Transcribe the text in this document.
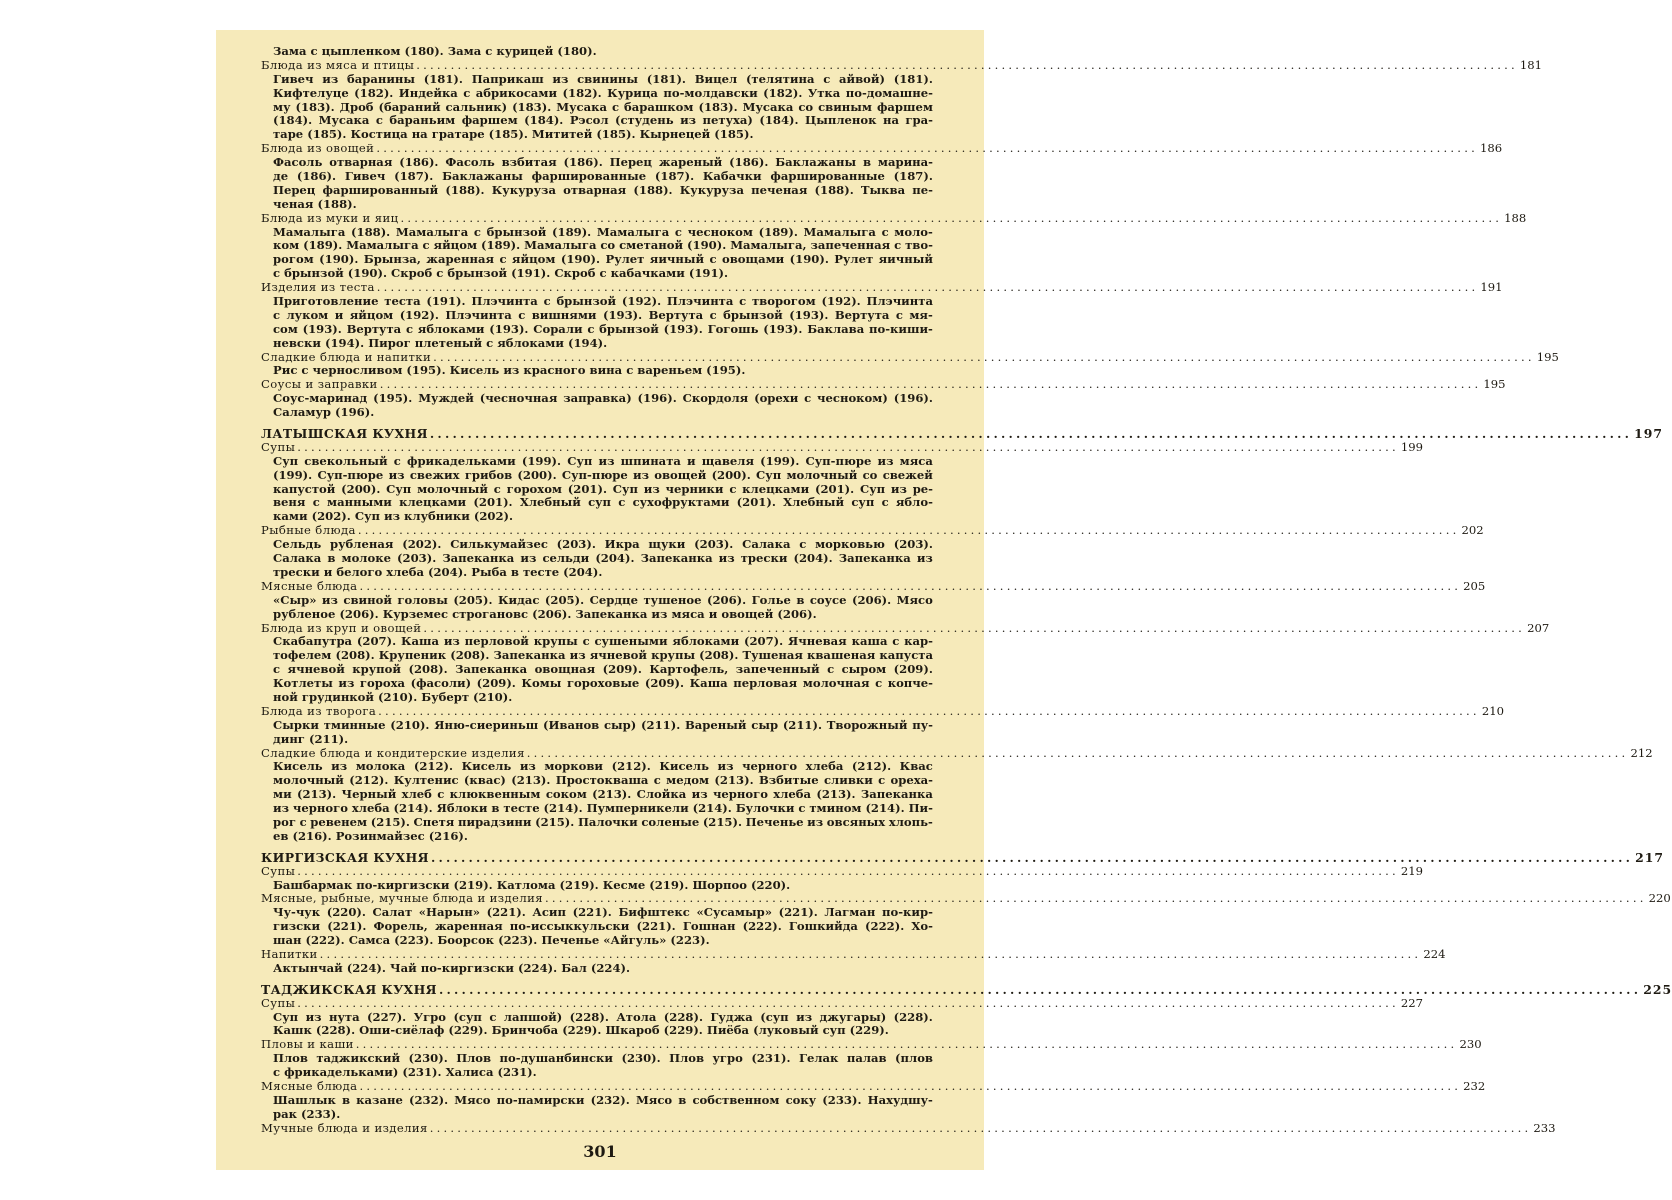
Зама с цыпленком (180). Зама с курицей (180).
Блюда из мяса и птицы ................................................................................................................................................................ 181
Гивеч из баранины (181). Паприкаш из свинины (181). Вицел (телятина с айвой) (181).
Кифтелуце (182). Индейка с абрикосами (182). Курица по-молдавски (182). Утка по-домашне-
му (183). Дроб (бараний сальник) (183). Мусака с барашком (183). Мусака со свиным фаршем
(184). Мусака с бараньим фаршем (184). Рэсол (студень из петуха) (184). Цыпленок на гра-
таре (185). Костица на гратаре (185). Мититей (185). Кырнецей (185).
Блюда из овощей ................................................................................................................................................................ 186
Фасоль отварная (186). Фасоль взбитая (186). Перец жареный (186). Баклажаны в марина-
де (186). Гивеч (187). Баклажаны фаршированные (187). Кабачки фаршированные (187).
Перец фаршированный (188). Кукуруза отварная (188). Кукуруза печеная (188). Тыква пе-
ченая (188).
Блюда из муки и яиц ................................................................................................................................................................ 188
Мамалыга (188). Мамалыга с брынзой (189). Мамалыга с чесноком (189). Мамалыга с моло-
ком (189). Мамалыга с яйцом (189). Мамалыга со сметаной (190). Мамалыга, запеченная с тво-
рогом (190). Брынза, жаренная с яйцом (190). Рулет яичный с овощами (190). Рулет яичный
с брынзой (190). Скроб с брынзой (191). Скроб с кабачками (191).
Изделия из теста ................................................................................................................................................................ 191
Приготовление теста (191). Плэчинта с брынзой (192). Плэчинта с творогом (192). Плэчинта
с луком и яйцом (192). Плэчинта с вишнями (193). Вертута с брынзой (193). Вертута с мя-
сом (193). Вертута с яблоками (193). Сорали с брынзой (193). Гогошь (193). Баклава по-киши-
невски (194). Пирог плетеный с яблоками (194).
Сладкие блюда и напитки ................................................................................................................................................................ 195
Рис с черносливом (195). Кисель из красного вина с вареньем (195).
Соусы и заправки ................................................................................................................................................................ 195
Соус-маринад (195). Муждей (чесночная заправка) (196). Скордоля (орехи с чесноком) (196).
Саламур (196).
ЛАТЫШСКАЯ КУХНЯ ................................................................................................................................................................ 197
Супы ................................................................................................................................................................ 199
Суп свекольный с фрикадельками (199). Суп из шпината и щавеля (199). Суп-пюре из мяса
(199). Суп-пюре из свежих грибов (200). Суп-пюре из овощей (200). Суп молочный со свежей
капустой (200). Суп молочный с горохом (201). Суп из черники с клецками (201). Суп из ре-
веня с манными клецками (201). Хлебный суп с сухофруктами (201). Хлебный суп с ябло-
ками (202). Суп из клубники (202).
Рыбные блюда ................................................................................................................................................................ 202
Сельдь рубленая (202). Силькумайзес (203). Икра щуки (203). Салака с морковью (203).
Салака в молоке (203). Запеканка из сельди (204). Запеканка из трески (204). Запеканка из
трески и белого хлеба (204). Рыба в тесте (204).
Мясные блюда ................................................................................................................................................................ 205
«Сыр» из свиной головы (205). Кидас (205). Сердце тушеное (206). Голье в соусе (206). Мясо
рубленое (206). Курземес строгановс (206). Запеканка из мяса и овощей (206).
Блюда из круп и овощей ................................................................................................................................................................ 207
Скабапутра (207). Каша из перловой крупы с сушеными яблоками (207). Ячневая каша с кар-
тофелем (208). Крупеник (208). Запеканка из ячневой крупы (208). Тушеная квашеная капуста
с ячневой крупой (208). Запеканка овощная (209). Картофель, запеченный с сыром (209).
Котлеты из гороха (фасоли) (209). Комы гороховые (209). Каша перловая молочная с копче-
ной грудинкой (210). Буберт (210).
Блюда из творога ................................................................................................................................................................ 210
Сырки тминные (210). Яню-сиериньш (Иванов сыр) (211). Вареный сыр (211). Творожный пу-
динг (211).
Сладкие блюда и кондитерские изделия ................................................................................................................................................................ 212
Кисель из молока (212). Кисель из моркови (212). Кисель из черного хлеба (212). Квас
молочный (212). Култенис (квас) (213). Простокваша с медом (213). Взбитые сливки с ореха-
ми (213). Черный хлеб с клюквенным соком (213). Слойка из черного хлеба (213). Запеканка
из черного хлеба (214). Яблоки в тесте (214). Пумперникели (214). Булочки с тмином (214). Пи-
рог с ревенем (215). Спетя пирадзини (215). Палочки соленые (215). Печенье из овсяных хлопь-
ев (216). Розинмайзес (216).
КИРГИЗСКАЯ КУХНЯ ................................................................................................................................................................ 217
Супы ................................................................................................................................................................ 219
Башбармак по-киргизски (219). Катлома (219). Кесме (219). Шорпоо (220).
Мясные, рыбные, мучные блюда и изделия ................................................................................................................................................................ 220
Чу-чук (220). Салат «Нарын» (221). Асип (221). Бифштекс «Сусамыр» (221). Лагман по-кир-
гизски (221). Форель, жаренная по-иссыккульски (221). Гошнан (222). Гошкийда (222). Хо-
шан (222). Самса (223). Боорсок (223). Печенье «Айгуль» (223).
Напитки ................................................................................................................................................................ 224
Актынчай (224). Чай по-киргизски (224). Бал (224).
ТАДЖИКСКАЯ КУХНЯ ................................................................................................................................................................ 225
Супы ................................................................................................................................................................ 227
Суп из нута (227). Угро (суп с лапшой) (228). Атола (228). Гуджа (суп из джугары) (228).
Кашк (228). Оши-сиёлаф (229). Бринчоба (229). Шкароб (229). Пиёба (луковый суп (229).
Пловы и каши ................................................................................................................................................................ 230
Плов таджикский (230). Плов по-душанбински (230). Плов угро (231). Гелак палав (плов
с фрикадельками) (231). Халиса (231).
Мясные блюда ................................................................................................................................................................ 232
Шашлык в казане (232). Мясо по-памирски (232). Мясо в собственном соку (233). Нахудшу-
рак (233).
Мучные блюда и изделия ................................................................................................................................................................ 233
301
